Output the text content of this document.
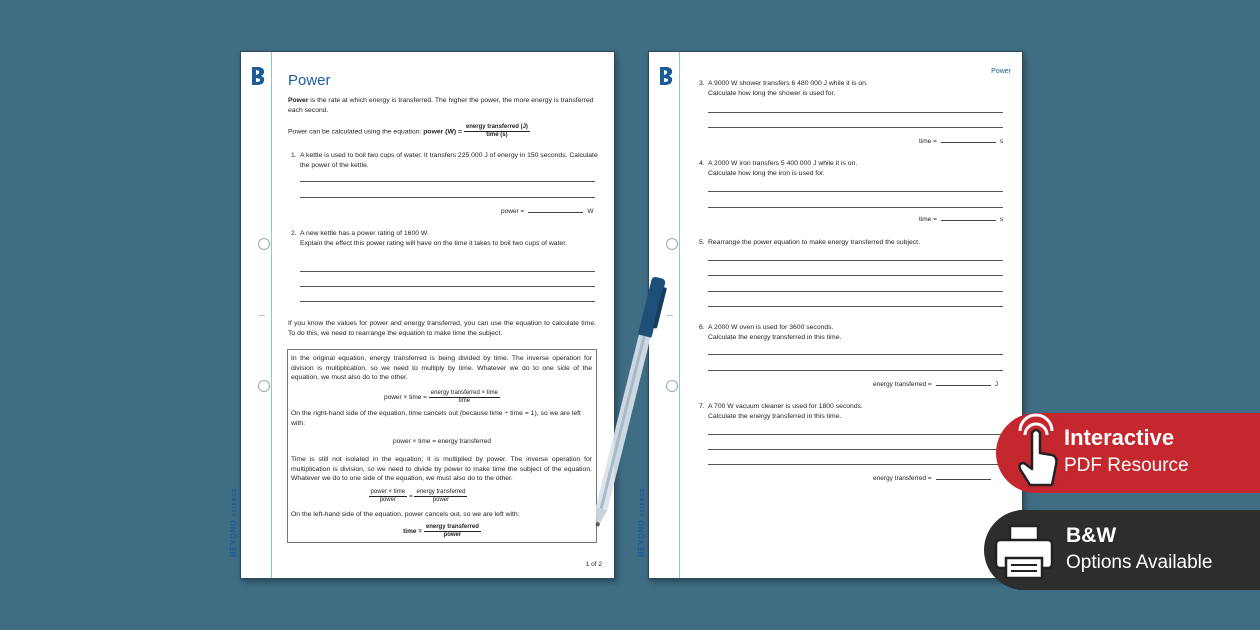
BEYONDSCIENCE
Power
Power is the rate at which energy is transferred. The higher the power, the more energy is transferred each second.
Power can be calculated using the equation: power $(W) = \frac{\text{energy transferred (J)}}{\text{time (s)}}$
1. A kettle is used to boil two cups of water. It transfers 225 000 J of energy in 150 seconds. Calculate the power of the kettle.
power =	W
2. A new kettle has a power rating of 1600 W.
Explain the effect this power rating will have on the time it takes to boil two cups of water.
If you know the values for power and energy transferred, you can use the equation to calculate time. To do this, we need to rearrange the equation to make time the subject.
In the original equation, energy transferred is being divided by time. The inverse operation for division is multiplication, so we need to multiply by time. Whatever we do to one side of the equation, we must also do to the other.
power × time = $\frac{\text{energy transferred × time}}{\text{time}}$
On the right-hand side of the equation, time cancels out (because time ÷ time = 1), so we are left with:
power × time = energy transferred
Time is still not isolated in the equation; it is multiplied by power. The inverse operation for multiplication is division, so we need to divide by power to make time the subject of the equation. Whatever we do to one side of the equation, we must also do to the other.
$\frac{\text{power × time}}{\text{power}} = \frac{\text{energy transferred}}{\text{power}}$
On the left-hand side of the equation, power cancels out, so we are left with:
time = $\frac{\text{energy transferred}}{\text{power}}$
1 of 2
BEYONDSCIENCE
Power
3. A 9000 W shower transfers 6 480 000 J while it is on.
Calculate how long the shower is used for.
time =	s
4. A 2000 W iron transfers 5 400 000 J while it is on.
Calculate how long the iron is used for.
time =	s
5. Rearrange the power equation to make energy transferred the subject.
6. A 2000 W oven is used for 3600 seconds.
Calculate the energy transferred in this time.
energy transferred =	J
7. A 700 W vacuum cleaner is used for 1800 seconds.
Calculate the energy transferred in this time.
energy transferred =
Interactive
PDF Resource
B&W
Options Available
